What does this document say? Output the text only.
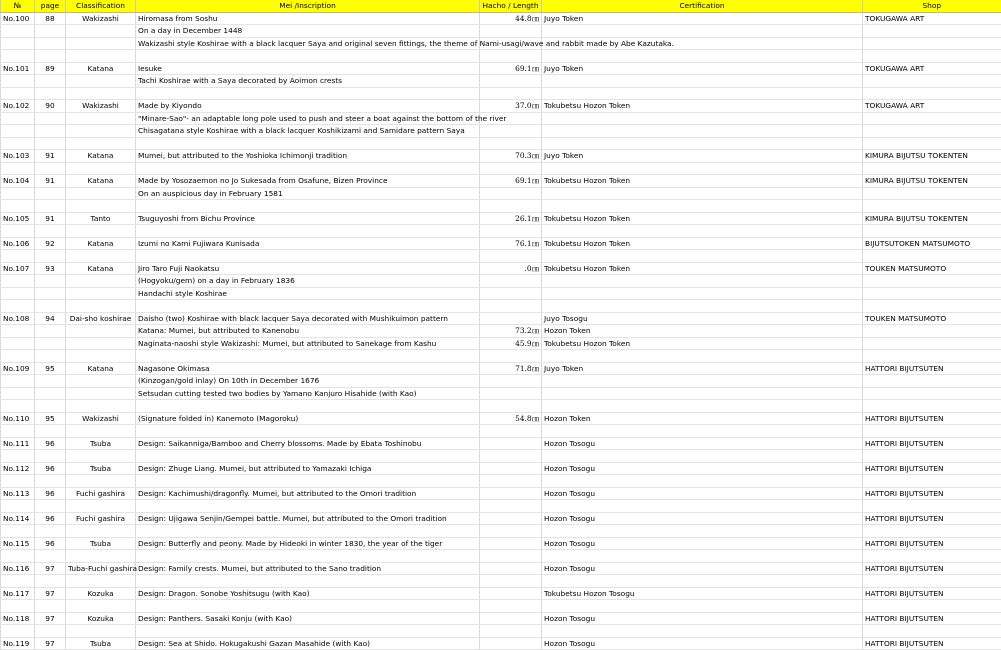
№	page	Classification	Mei /Inscription	Hacho / Length	Certification	Shop
No.100	88	Wakizashi	Hiromasa from Soshu	44.8㎝	Juyo Token	TOKUGAWA ART
			On a day in December 1448			
			Wakizashi style Koshirae with a black lacquer Saya and original seven fittings, the theme of Nami-usagi/wave and rabbit made by Abe Kazutaka.			

No.101	89	Katana	Iesuke	69.1㎝	Juyo Token	TOKUGAWA ART
			Tachi Koshirae with a Saya decorated by Aoimon crests			

No.102	90	Wakizashi	Made by Kiyondo	37.0㎝	Tokubetsu Hozon Token	TOKUGAWA ART
			"Minare-Sao"- an adaptable long pole used to push and steer a boat against the bottom of the river			
			Chisagatana style Koshirae with a black lacquer Koshikizami and Samidare pattern Saya			

No.103	91	Katana	Mumei, but attributed to the Yoshioka Ichimonji tradition	70.3㎝	Juyo Token	KIMURA BIJUTSU TOKENTEN

No.104	91	Katana	Made by Yosozaemon no Jo Sukesada from Osafune, Bizen Province	69.1㎝	Tokubetsu Hozon Token	KIMURA BIJUTSU TOKENTEN
			On an auspicious day in February 1581			

No.105	91	Tanto	Tsuguyoshi from Bichu Province	26.1㎝	Tokubetsu Hozon Token	KIMURA BIJUTSU TOKENTEN

No.106	92	Katana	Izumi no Kami Fujiwara Kunisada	76.1㎝	Tokubetsu Hozon Token	BIJUTSUTOKEN MATSUMOTO

No.107	93	Katana	Jiro Taro Fuji Naokatsu	.0㎝	Tokubetsu Hozon Token	TOUKEN MATSUMOTO
			(Hogyoku/gem) on a day in February 1836			
			Handachi style Koshirae			

No.108	94	Dai-sho koshirae	Daisho (two) Koshirae with black lacquer Saya decorated with Mushikuimon pattern		Juyo Tosogu	TOUKEN MATSUMOTO
			Katana: Mumei, but attributed to Kanenobu	73.2㎝	Hozon Token	
			Naginata-naoshi style Wakizashi: Mumei, but attributed to Sanekage from Kashu	45.9㎝	Tokubetsu Hozon Token	

No.109	95	Katana	Nagasone Okimasa	71.8㎝	Juyo Token	HATTORI BIJUTSUTEN
			(Kinzogan/gold inlay) On 10th in December 1676			
			Setsudan cutting tested two bodies by Yamano Kanjuro Hisahide (with Kao)			

No.110	95	Wakizashi	(Signature folded in) Kanemoto (Magoroku)	54.8㎝	Hozon Token	HATTORI BIJUTSUTEN

No.111	96	Tsuba	Design: Saikanniga/Bamboo and Cherry blossoms. Made by Ebata Toshinobu		Hozon Tosogu	HATTORI BIJUTSUTEN

No.112	96	Tsuba	Design: Zhuge Liang. Mumei, but attributed to Yamazaki Ichiga		Hozon Tosogu	HATTORI BIJUTSUTEN

No.113	96	Fuchi gashira	Design: Kachimushi/dragonfly. Mumei, but attributed to the Omori tradition		Hozon Tosogu	HATTORI BIJUTSUTEN

No.114	96	Fuchi gashira	Design: Ujigawa Senjin/Gempei battle. Mumei, but attributed to the Omori tradition		Hozon Tosogu	HATTORI BIJUTSUTEN

No.115	96	Tsuba	Design: Butterfly and peony. Made by Hideoki in winter 1830, the year of the tiger		Hozon Tosogu	HATTORI BIJUTSUTEN

No.116	97	Tuba-Fuchi gashira	Design: Family crests. Mumei, but attributed to the Sano tradition		Hozon Tosogu	HATTORI BIJUTSUTEN

No.117	97	Kozuka	Design: Dragon. Sonobe Yoshitsugu (with Kao)		Tokubetsu Hozon Tosogu	HATTORI BIJUTSUTEN

No.118	97	Kozuka	Design: Panthers. Sasaki Konju (with Kao)		Hozon Tosogu	HATTORI BIJUTSUTEN

No.119	97	Tsuba	Design: Sea at Shido. Hokugakushi Gazan Masahide (with Kao)		Hozon Tosogu	HATTORI BIJUTSUTEN
